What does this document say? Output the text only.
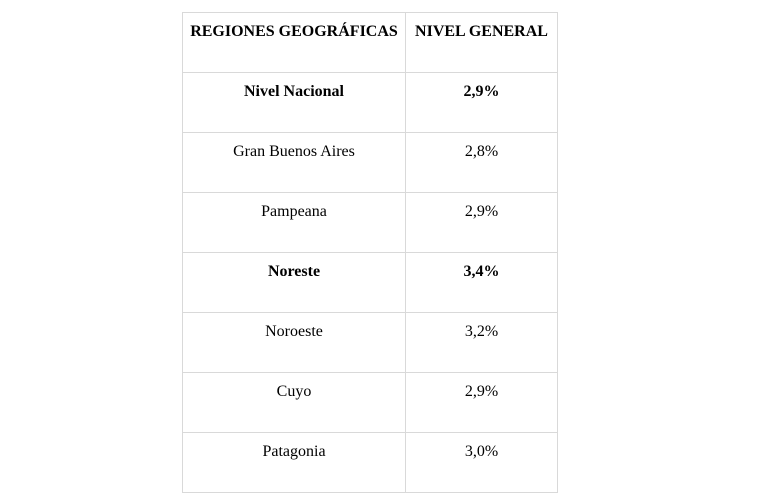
REGIONES GEOGRÁFICAS	NIVEL GENERAL
Nivel Nacional	2,9%
Gran Buenos Aires	2,8%
Pampeana	2,9%
Noreste	3,4%
Noroeste	3,2%
Cuyo	2,9%
Patagonia	3,0%
